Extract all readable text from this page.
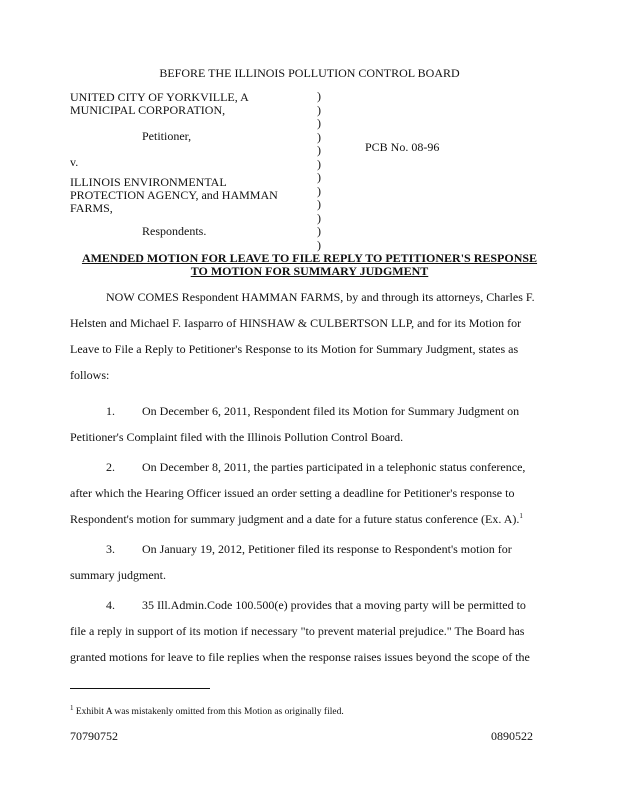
BEFORE THE ILLINOIS POLLUTION CONTROL BOARD
UNITED CITY OF YORKVILLE, A
MUNICIPAL CORPORATION,
Petitioner,
v.
ILLINOIS ENVIRONMENTAL
PROTECTION AGENCY, and HAMMAN
FARMS,
Respondents.
)
)
)
)
)
)
)
)
)
)
)
)
PCB No. 08-96
AMENDED MOTION FOR LEAVE TO FILE REPLY TO PETITIONER'S RESPONSE
TO MOTION FOR SUMMARY JUDGMENT
NOW COMES Respondent HAMMAN FARMS, by and through its attorneys, Charles F.
Helsten and Michael F. Iasparro of HINSHAW & CULBERTSON LLP, and for its Motion for
Leave to File a Reply to Petitioner's Response to its Motion for Summary Judgment, states as
follows:
1. On December 6, 2011, Respondent filed its Motion for Summary Judgment on
Petitioner's Complaint filed with the Illinois Pollution Control Board.
2. On December 8, 2011, the parties participated in a telephonic status conference,
after which the Hearing Officer issued an order setting a deadline for Petitioner's response to
Respondent's motion for summary judgment and a date for a future status conference (Ex. A).$^1$
3. On January 19, 2012, Petitioner filed its response to Respondent's motion for
summary judgment.
4. 35 Ill.Admin.Code 100.500(e) provides that a moving party will be permitted to
file a reply in support of its motion if necessary "to prevent material prejudice." The Board has
granted motions for leave to file replies when the response raises issues beyond the scope of the
$^1$ Exhibit A was mistakenly omitted from this Motion as originally filed.
70790752	0890522
